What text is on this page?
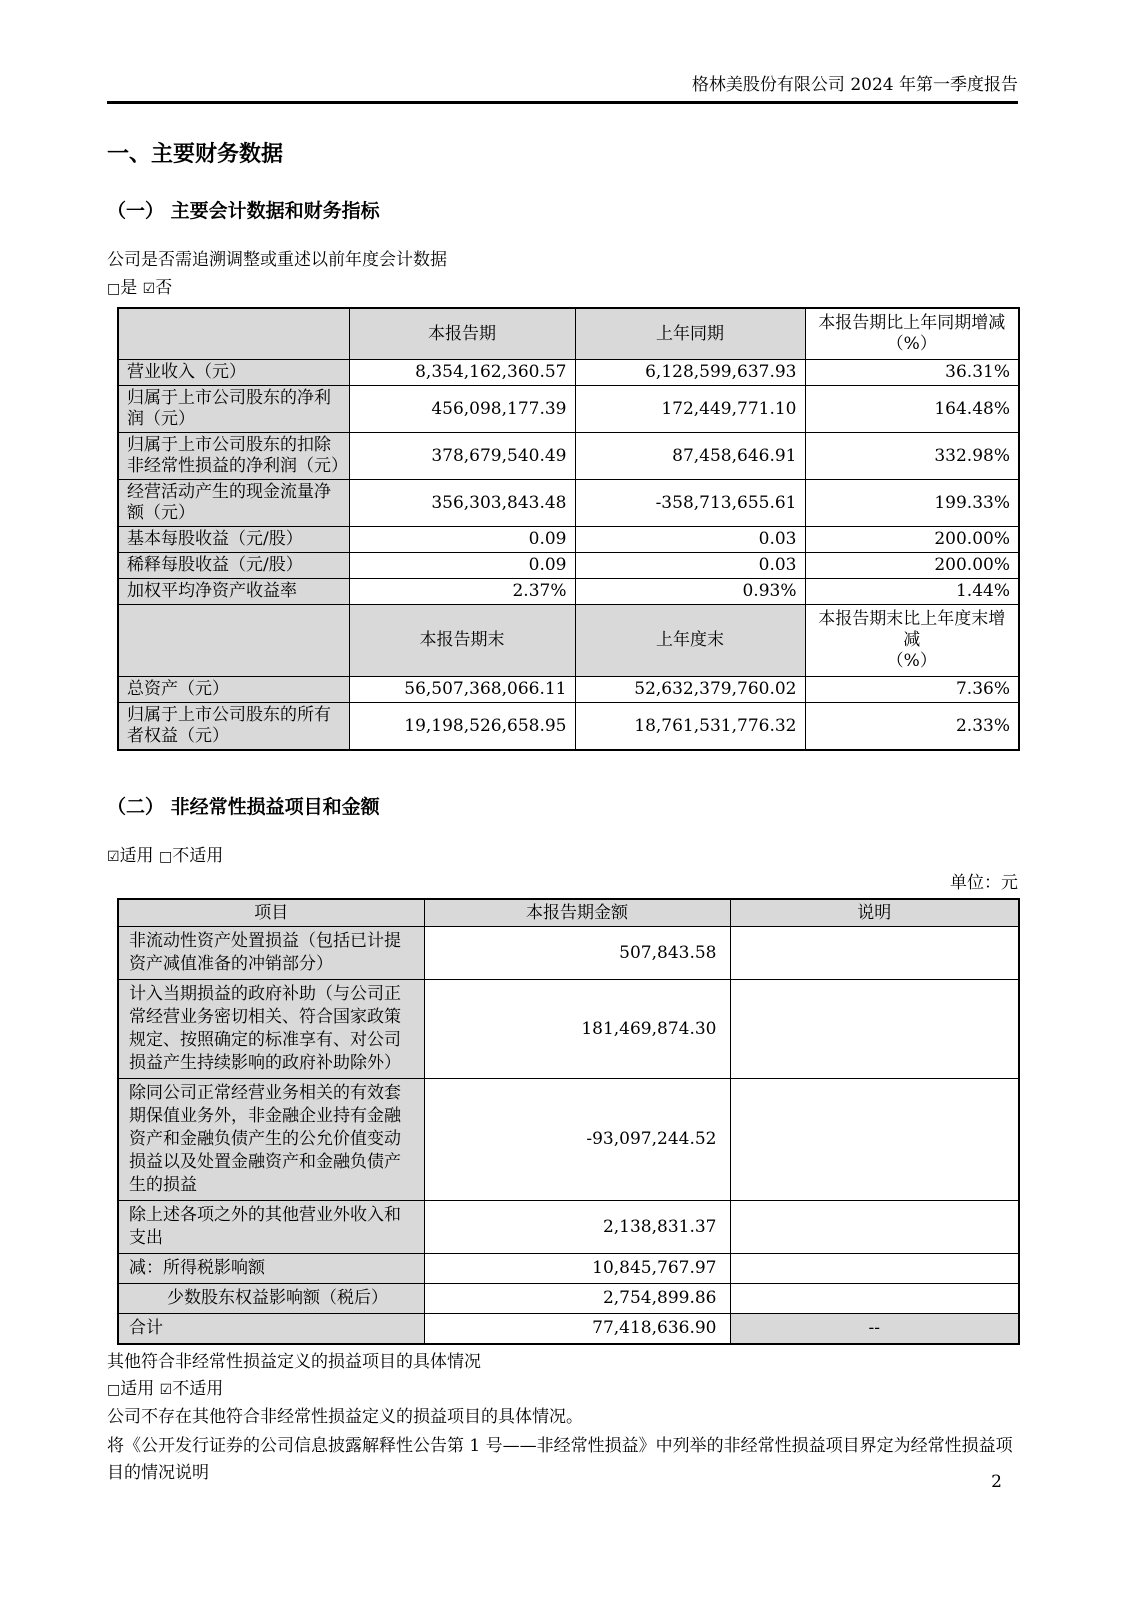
格林美股份有限公司 2024 年第一季度报告
一、主要财务数据
（一） 主要会计数据和财务指标

公司是否需追溯调整或重述以前年度会计数据

□是 ☑否

	本报告期	上年同期	本报告期比上年同期增减
（%）

营业收入（元）	8,354,162,360.57	6,128,599,637.93	36.31%
归属于上市公司股东的净利润（元）	456,098,177.39	172,449,771.10	164.48%
归属于上市公司股东的扣除非经常性损益的净利润（元）	378,679,540.49	87,458,646.91	332.98%
经营活动产生的现金流量净额（元）	356,303,843.48	-358,713,655.61	199.33%
基本每股收益（元/股）	0.09	0.03	200.00%
稀释每股收益（元/股）	0.09	0.03	200.00%
加权平均净资产收益率	2.37%	0.93%	1.44%
	本报告期末	上年度末	本报告期末比上年度末增减
（%）

总资产（元）	56,507,368,066.11	52,632,379,760.02	7.36%
归属于上市公司股东的所有者权益（元）	19,198,526,658.95	18,761,531,776.32	2.33%
（二） 非经常性损益项目和金额

☑适用 □不适用

单位：元

项目	本报告期金额	说明
非流动性资产处置损益（包括已计提资产减值准备的冲销部分）	507,843.58	
计入当期损益的政府补助（与公司正常经营业务密切相关、符合国家政策规定、按照确定的标准享有、对公司损益产生持续影响的政府补助除外）	181,469,874.30	
除同公司正常经营业务相关的有效套期保值业务外，非金融企业持有金融资产和金融负债产生的公允价值变动损益以及处置金融资产和金融负债产生的损益	-93,097,244.52	
除上述各项之外的其他营业外收入和支出	2,138,831.37	
减：所得税影响额	10,845,767.97	
少数股东权益影响额（税后）	2,754,899.86	
合计	77,418,636.90	--

其他符合非经常性损益定义的损益项目的具体情况

□适用 ☑不适用

公司不存在其他符合非经常性损益定义的损益项目的具体情况。

将《公开发行证券的公司信息披露解释性公告第 1 号——非经常性损益》中列举的非经常性损益项目界定为经常性损益项目的情况说明	2
